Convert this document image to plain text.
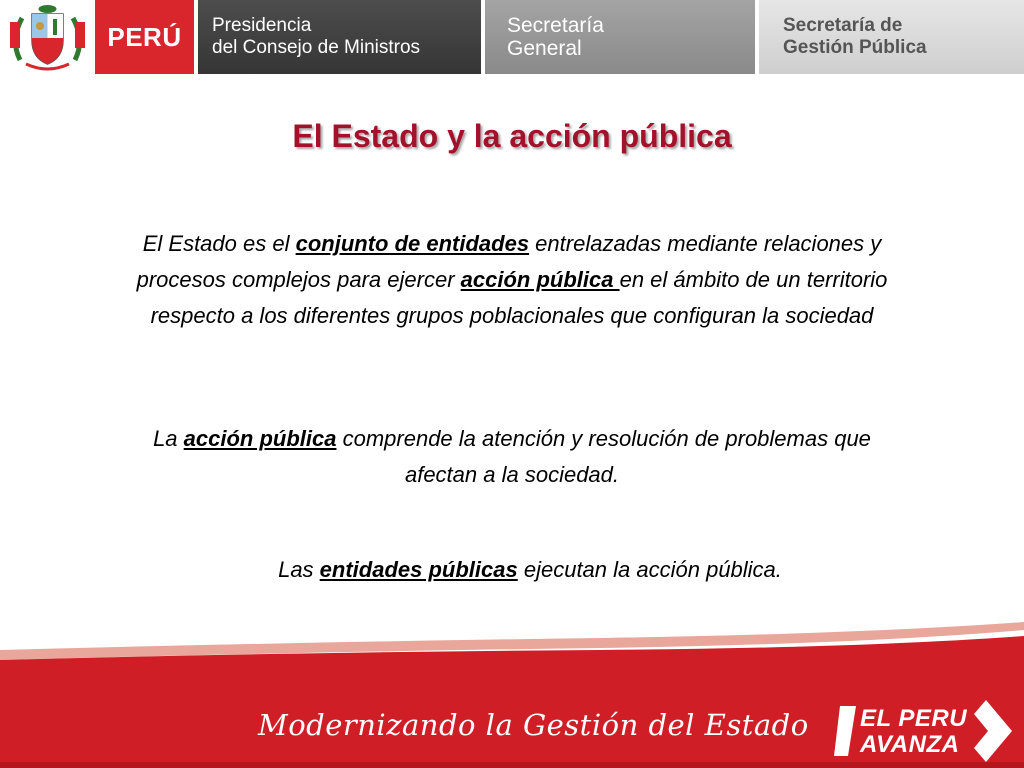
PERÚ	Presidencia
del Consejo de Ministros
Secretaría
General
Secretaría de
Gestión Pública
El Estado y la acción pública
El Estado es el conjunto de entidades entrelazadas mediante relaciones y procesos complejos para ejercer acción pública en el ámbito de un territorio respecto a los diferentes grupos poblacionales que configuran la sociedad
La acción pública comprende la atención y resolución de problemas que afectan a la sociedad.
Las entidades públicas ejecutan la acción pública.
Modernizando la Gestión del Estado EL PERU
AVANZA
